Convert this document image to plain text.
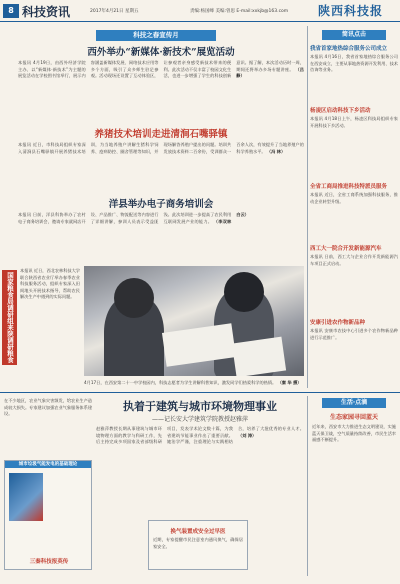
8 科技资讯	2017年4月21日 星期五	责编:杨国峰 美编:曾思 E-mail:xxkjb@163.com 陕西科技报
科技之春宣传月
西外举办“新媒体·新技术”展览活动
本报讯 4月19日，由西外经济学院主办、以“新媒体·新技术”为主题的展览活动在学校图书馆举行，展示内容涵盖新媒体发展、网络技术应用等多个方面，吸引了众多师生驻足参观。活动现场还设置了互动体验区，让参观者亲身感受新技术带来的便利。此次活动不仅丰富了校园文化生活，也进一步增强了学生的科技创新意识。据了解，本次活动历时一周，期间还将举办多场专题讲座。 （吕 静）
养猪技术培训走进清涧石嘴驿镇
本报讯 近日，市科技局组织专家深入清涧县石嘴驿镇开展养猪技术培训，为当地养殖户讲解生猪科学饲养、疫病防控、圈舍管理等知识，并现场解答养殖户提出的问题。培训共发放技术资料二百余份，受训群众一百余人次，有效提升了当地养殖户的科学养殖水平。 （冯 林）
洋县举办电子商务培训会
本报讯 日前，洋县科协举办了农村电子商务培训会，邀请专家就网店开设、产品推广、物流配送等内容进行了详细讲解，参训人员表示受益匪浅。此次培训进一步提高了农民利用互联网发展产业的能力。 （李双林 白云）
国家粮食局调研组来陕调研粮食
本报讯 近日，西北农林科技大学联合陕西省农业厅举办春季农业科技服务活动，组织专家深入田间地头开展技术指导，帮助农民解决生产中遇到的实际问题。
4月17日，在西安第二十一中学校园内，科技志愿者为学生讲解科普知识，激发同学们热爱科学的热情。 （秦 华 摄）
简讯点击
我省首家地热综合服务公司成立
本报讯 4月16日，我省首家地热综合服务公司在西安成立，主要从事地热资源开发利用、技术咨询等业务。
杨凌区启动科技下乡活动
本报讯 4月18日上午，杨凌区科技局组织专家开展科技下乡活动。
全省工商局推进科技特派员服务
本报讯 近日，全省工商系统加强科技服务，推动企业转型升级。
西工大一院合开发新能源汽车
本报讯 日前，西工大与企业合作开发新能源汽车项目正式启动。
安康引进农作物新品种
本报讯 安康市农技中心引进多个农作物新品种进行示范推广。
执着于建筑与城市环境物理事业
——记长安大学建筑学院教授赵雅萍
赵雅萍教授长期从事建筑与城市环境物理方面的教学与科研工作，先后主持完成多项国家及省部级科研项目，发表学术论文数十篇，为我省建筑节能事业作出了重要贡献。她治学严谨，注重理论与实践相结合，培养了大批优秀的专业人才。 （刘 涛）
在不少地区，农业气象灾害频发，给农业生产造成较大损失。专家建议加强农业气象服务体系建设。
城市垃圾气能发电的基础理论
三秦科技报英传
换气装置成安全过早医
近期，专家提醒市民注意室内通风换气，确保居家安全。
生活·点滴
生态家园寻回蓝天
近年来，西安市大力推进生态文明建设，实施蓝天保卫战，空气质量持续改善，市民生活幸福感不断提升。
